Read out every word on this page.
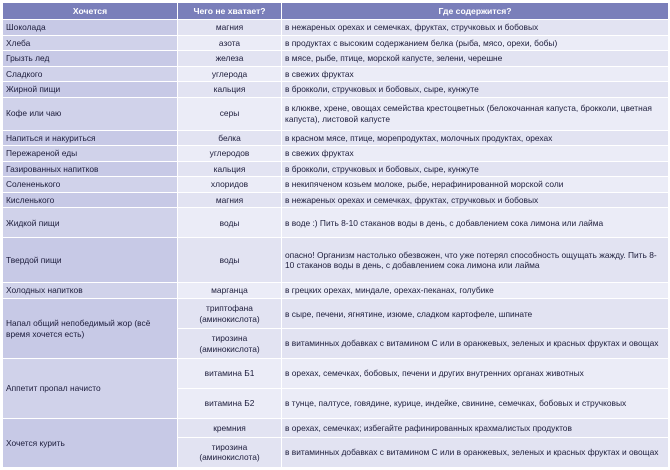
Хочется	Чего не хватает?	Где содержится?
Шоколада	магния	в нежареных орехах и семечках, фруктах, стручковых и бобовых
Хлеба	азота	в продуктах с высоким содержанием белка (рыба, мясо, орехи, бобы)
Грызть лед	железа	в мясе, рыбе, птице, морской капусте, зелени, черешне
Сладкого	углерода	в свежих фруктах
Жирной пищи	кальция	в брокколи, стручковых и бобовых, сыре, кунжуте
Кофе или чаю	серы	в клюкве, хрене, овощах семейства крестоцветных (белокочанная капуста, брокколи, цветная капуста), листовой капусте
Напиться и накуриться	белка	в красном мясе, птице, морепродуктах, молочных продуктах, орехах
Пережареной еды	углеродов	в свежих фруктах
Газированных напитков	кальция	в брокколи, стручковых и бобовых, сыре, кунжуте
Солененького	хлоридов	в некипяченом козьем молоке, рыбе, нерафинированной морской соли
Кисленького	магния	в нежареных орехах и семечках, фруктах, стручковых и бобовых
Жидкой пищи	воды	в воде :) Пить 8-10 стаканов воды в день, с добавлением сока лимона или лайма
Твердой пищи	воды	опасно! Организм настолько обезвожен, что уже потерял способность ощущать жажду. Пить 8-10 стаканов воды в день, с добавлением сока лимона или лайма
Холодных напитков	марганца	в грецких орехах, миндале, орехах-пеканах, голубике
Напал общий непобедимый жор (всё время хочется есть)	триптофана (аминокислота)	в сыре, печени, ягнятине, изюме, сладком картофеле, шпинате
	тирозина (аминокислота)	в витаминных добавках с витамином С или в оранжевых, зеленых и красных фруктах и овощах
Аппетит пропал начисто	витамина Б1	в орехах, семечках, бобовых, печени и других внутренних органах животных
	витамина Б2	в тунце, палтусе, говядине, курице, индейке, свинине, семечках, бобовых и стручковых
Хочется курить	кремния	в орехах, семечках; избегайте рафинированных крахмалистых продуктов
	тирозина (аминокислота)	в витаминных добавках с витамином С или в оранжевых, зеленых и красных фруктах и овощах
